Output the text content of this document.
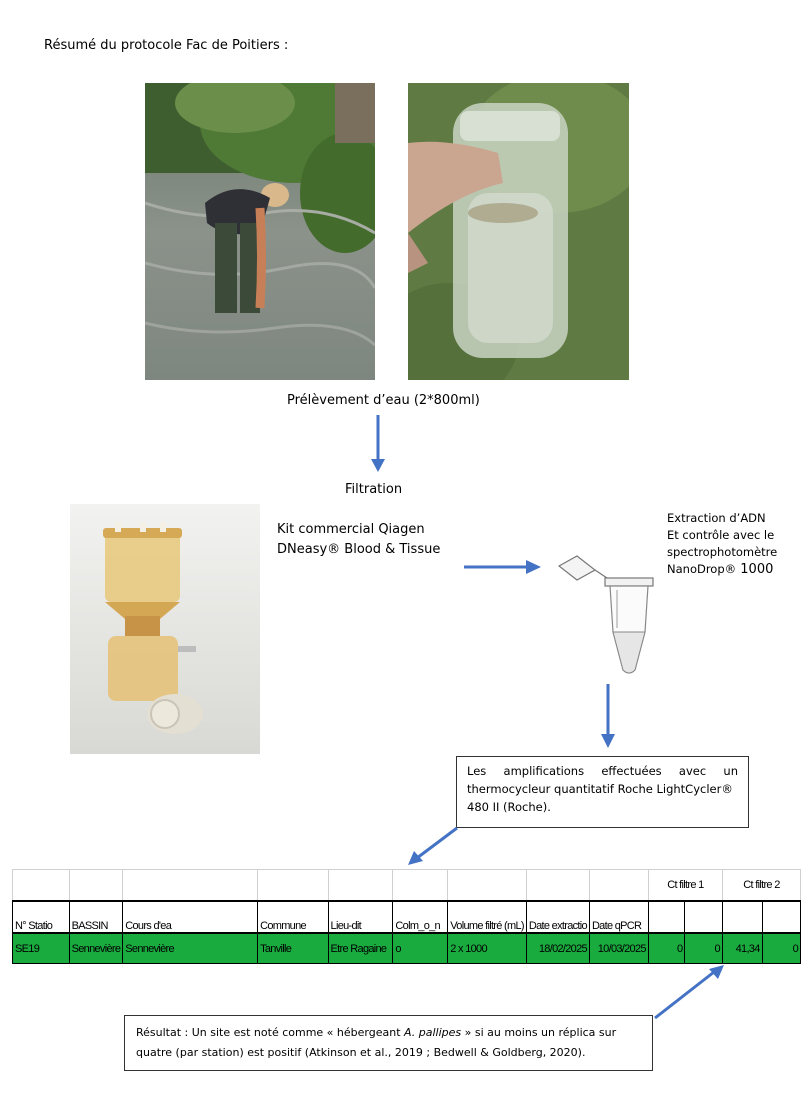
Résumé du protocole Fac de Poitiers :
Prélèvement d’eau (2*800ml)
Filtration
Kit commercial Qiagen
DNeasy® Blood & Tissue
Extraction d’ADN
Et contrôle avec le
spectrophotomètre
NanoDrop® 1000
Les amplifications effectuées avec un
thermocycleur quantitatif Roche LightCycler®
480 II (Roche).
									Ct filtre 1		Ct filtre 2	
N° Statio	BASSIN	Cours d'ea	Commune	Lieu-dit	Colm_o_n	Volume filtré (mL)	Date extractio	Date qPCR				
SE19	Sennevière	Sennevière	Tanville	Etre Ragaine	o	2 x 1000	18/02/2025	10/03/2025	0	0	41,34	0
Résultat : Un site est noté comme « hébergeant A. pallipes » si au moins un réplica sur
quatre (par station) est positif (Atkinson et al., 2019 ; Bedwell & Goldberg, 2020).
